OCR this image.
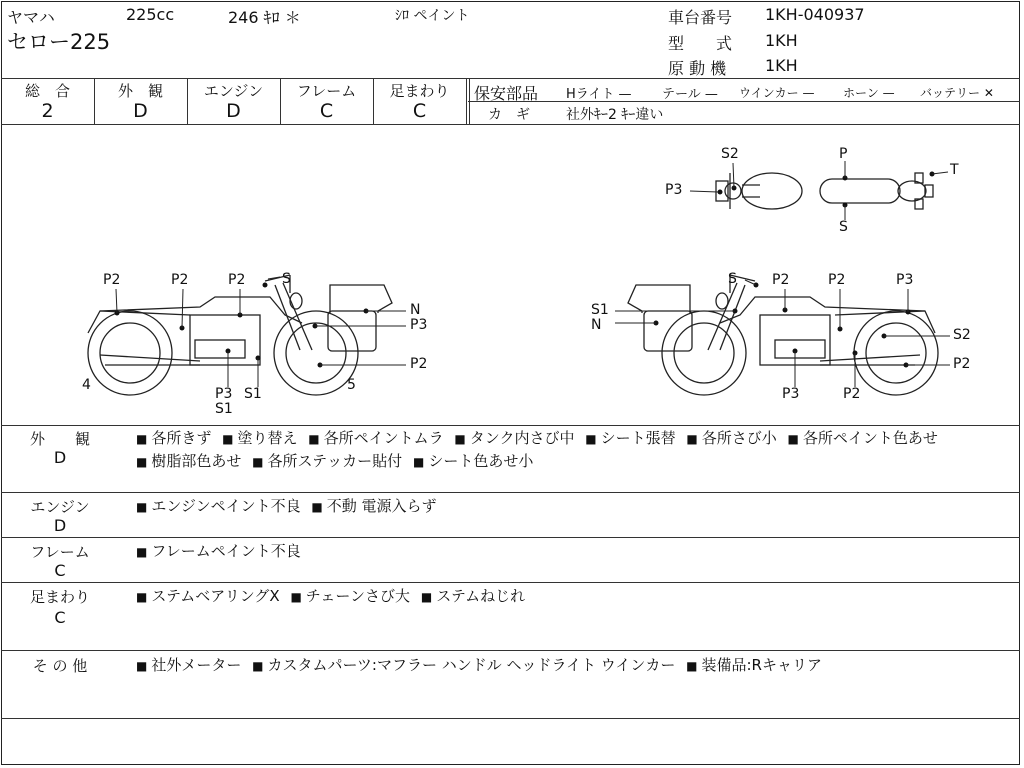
ヤマハ	225cc	246 ｷﾛ ＊	ｼﾛ ペイント
セロー225
車台番号 1KH-040937
型　　式 1KH
原 動 機 1KH
総　合	外　観	エンジン	フレーム	足まわり
2	D	D	C	C
保安部品 Hライト — テール — ウインカー — ホーン — バッテリー ✕
カ　ギ	社外ｷｰ2 ｷｰ違い
S2	P
P3
T
S
P2	P2	P2	S
N
P3
P2
4
P3 S1
S1
5
S	P2	P2	P3
S1
N
S2
P2
P3	P2
外　　観
D
■ 各所きず ■ 塗り替え ■ 各所ペイントムラ ■ タンク内さび中 ■ シート張替 ■ 各所さび小 ■ 各所ペイント色あせ ■ 樹脂部色あせ ■ 各所ステッカー貼付 ■ シート色あせ小
エンジン
D
■ エンジンペイント不良 ■ 不動 電源入らず
フレーム
C
■ フレームペイント不良
足まわり
C
■ ステムベアリングX ■ チェーンさび大 ■ ステムねじれ
そ の 他	■ 社外メーター ■ カスタムパーツ:マフラー ハンドル ヘッドライト ウインカー ■ 装備品:Rキャリア
